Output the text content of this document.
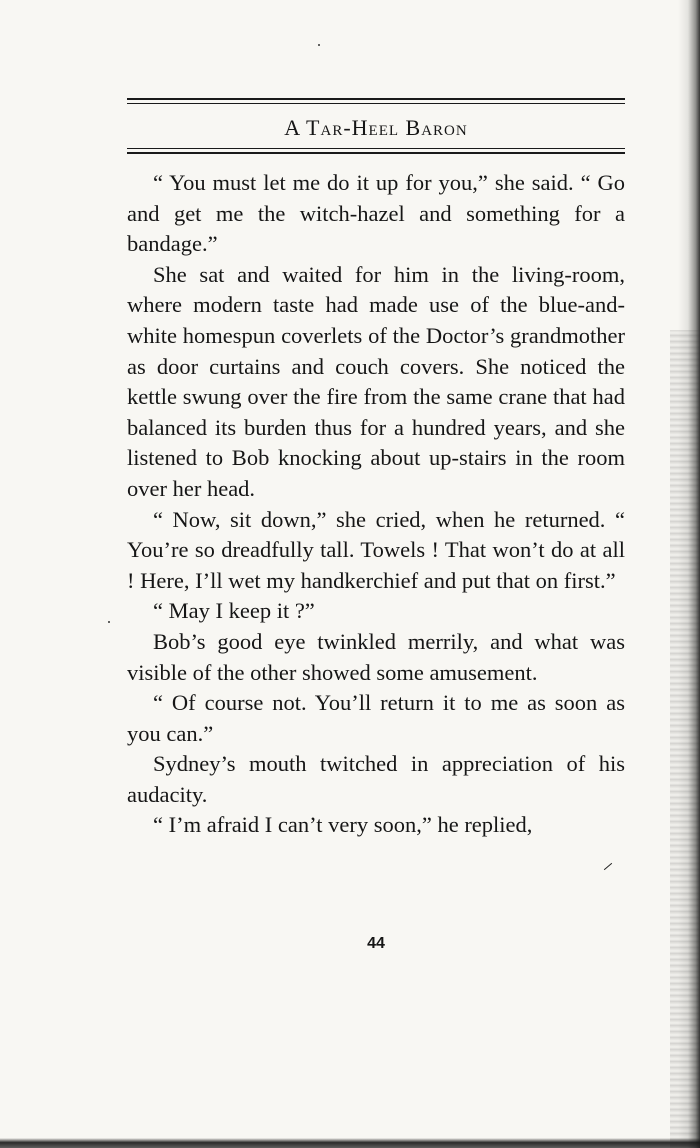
A Tar-Heel Baron

“ You must let me do it up for you,” she said. “ Go and get me the witch-hazel and something for a bandage.”

She sat and waited for him in the living-room, where modern taste had made use of the blue-and-white homespun coverlets of the Doctor’s grandmother as door curtains and couch covers. She noticed the kettle swung over the fire from the same crane that had balanced its burden thus for a hundred years, and she listened to Bob knocking about up-stairs in the room over her head.

“ Now, sit down,” she cried, when he returned. “ You’re so dreadfully tall. Towels ! That won’t do at all ! Here, I’ll wet my handkerchief and put that on first.”

“ May I keep it ?”

Bob’s good eye twinkled merrily, and what was visible of the other showed some amusement.

“ Of course not. You’ll return it to me as soon as you can.”

Sydney’s mouth twitched in appreciation of his audacity.

“ I’m afraid I can’t very soon,” he replied,

44
